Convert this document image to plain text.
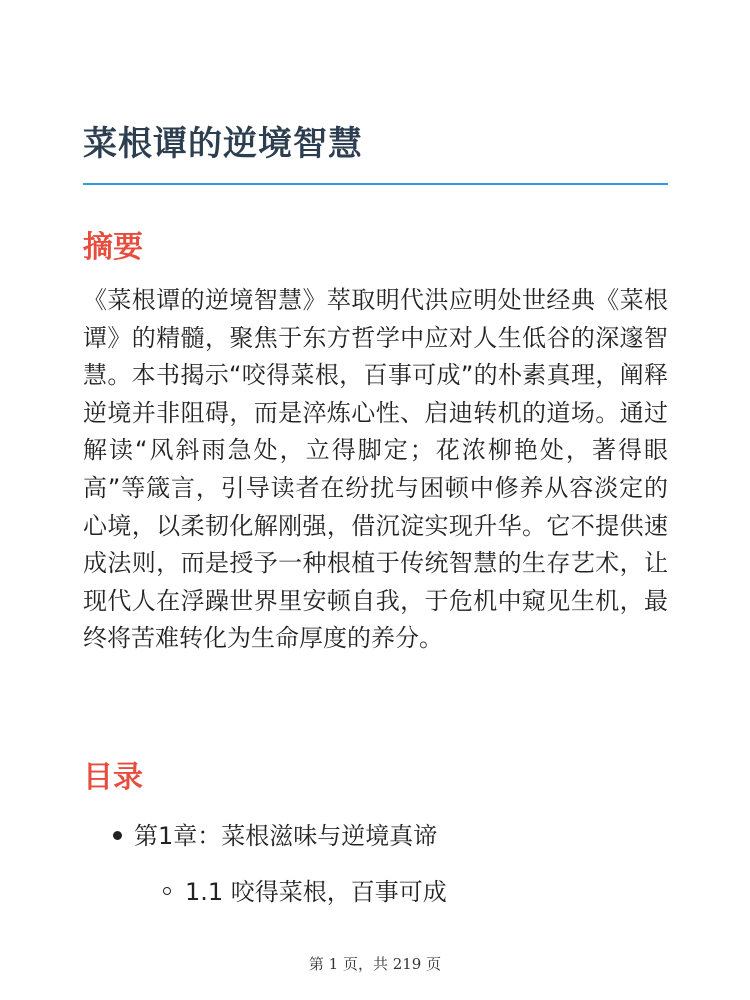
菜根谭的逆境智慧
摘要

《菜根谭的逆境智慧》萃取明代洪应明处世经典《菜根谭》的精髓，聚焦于东方哲学中应对人生低谷的深邃智慧。本书揭示“咬得菜根，百事可成”的朴素真理，阐释逆境并非阻碍，而是淬炼心性、启迪转机的道场。通过解读“风斜雨急处，立得脚定；花浓柳艳处，著得眼高”等箴言，引导读者在纷扰与困顿中修养从容淡定的心境，以柔韧化解刚强，借沉淀实现升华。它不提供速成法则，而是授予一种根植于传统智慧的生存艺术，让现代人在浮躁世界里安顿自我，于危机中窥见生机，最终将苦难转化为生命厚度的养分。

目录
第1章：菜根滋味与逆境真谛
1.1 咬得菜根，百事可成
第 1 页，共 219 页
